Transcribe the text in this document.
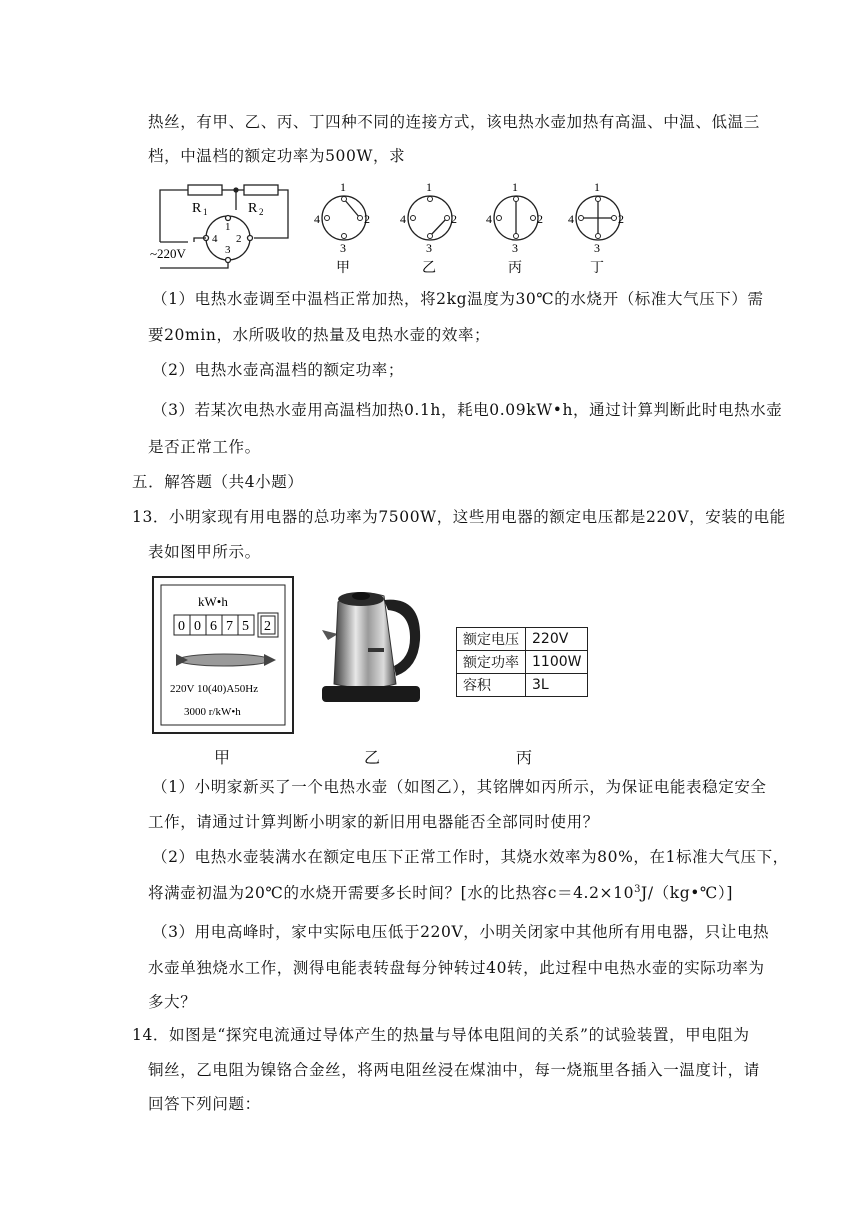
热丝，有甲、乙、丙、丁四种不同的连接方式，该电热水壶加热有高温、中温、低温三
档，中温档的额定功率为500W，求
R 1	R 2
1
2
3
4
~220V
1
2
3
4
1
2
3
4
1
2
3
4
1
2
3
4
甲	乙	丙	丁
（1）电热水壶调至中温档正常加热，将2kg温度为30℃的水烧开（标准大气压下）需
要20min，水所吸收的热量及电热水壶的效率；
（2）电热水壶高温档的额定功率；
（3）若某次电热水壶用高温档加热0.1h，耗电0.09kW•h，通过计算判断此时电热水壶
是否正常工作。
五．解答题（共4小题）
13．小明家现有用电器的总功率为7500W，这些用电器的额定电压都是220V，安装的电能
表如图甲所示。
kW•h
0 0 6 7 5 2
220V 10(40)A50Hz
3000 r/kW•h
额定电压	220V
额定功率	1100W
容积	3L
甲	乙	丙
（1）小明家新买了一个电热水壶（如图乙），其铭牌如丙所示，为保证电能表稳定安全
工作，请通过计算判断小明家的新旧用电器能否全部同时使用？
（2）电热水壶装满水在额定电压下正常工作时，其烧水效率为80%，在1标准大气压下，
将满壶初温为20℃的水烧开需要多长时间？[水的比热容$c=4.2\times 10^3J/(kg•℃)$]
（3）用电高峰时，家中实际电压低于220V，小明关闭家中其他所有用电器，只让电热
水壶单独烧水工作，测得电能表转盘每分钟转过40转，此过程中电热水壶的实际功率为
多大？
14．如图是“探究电流通过导体产生的热量与导体电阻间的关系”的试验装置，甲电阻为
铜丝，乙电阻为镍铬合金丝，将两电阻丝浸在煤油中，每一烧瓶里各插入一温度计，请
回答下列问题：
